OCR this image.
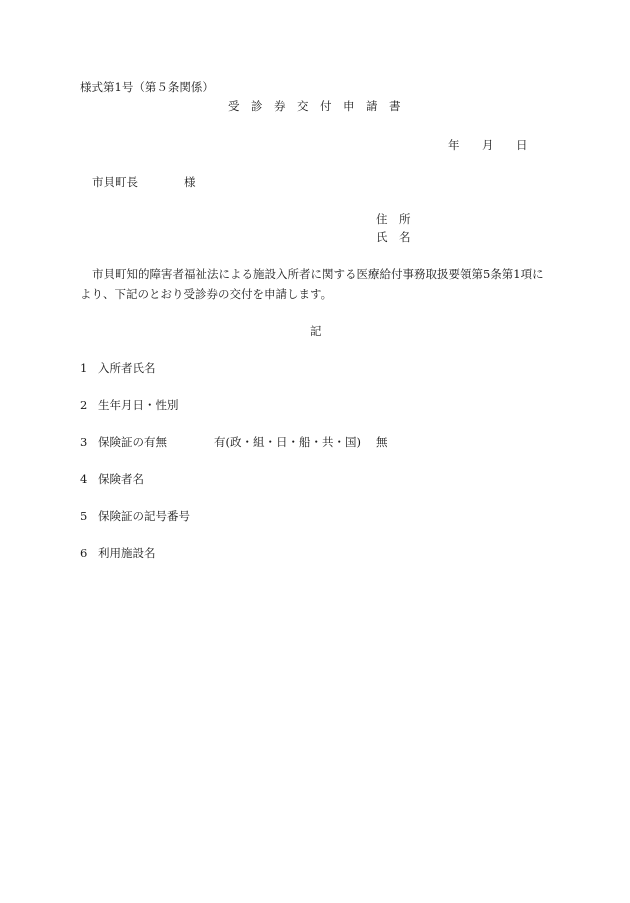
様式第1号（第５条関係）
受　診　券　交　付　申　請　書
年 月 日
市貝町長	様
住　所
氏　名
市貝町知的障害者福祉法による施設入所者に関する医療給付事務取扱要領第5条第1項に
より、下記のとおり受診券の交付を申請します。
記
1 入所者氏名
2 生年月日・性別
3 保険証の有無	有(政・組・日・船・共・国) 無
4 保険者名
5 保険証の記号番号
6 利用施設名
